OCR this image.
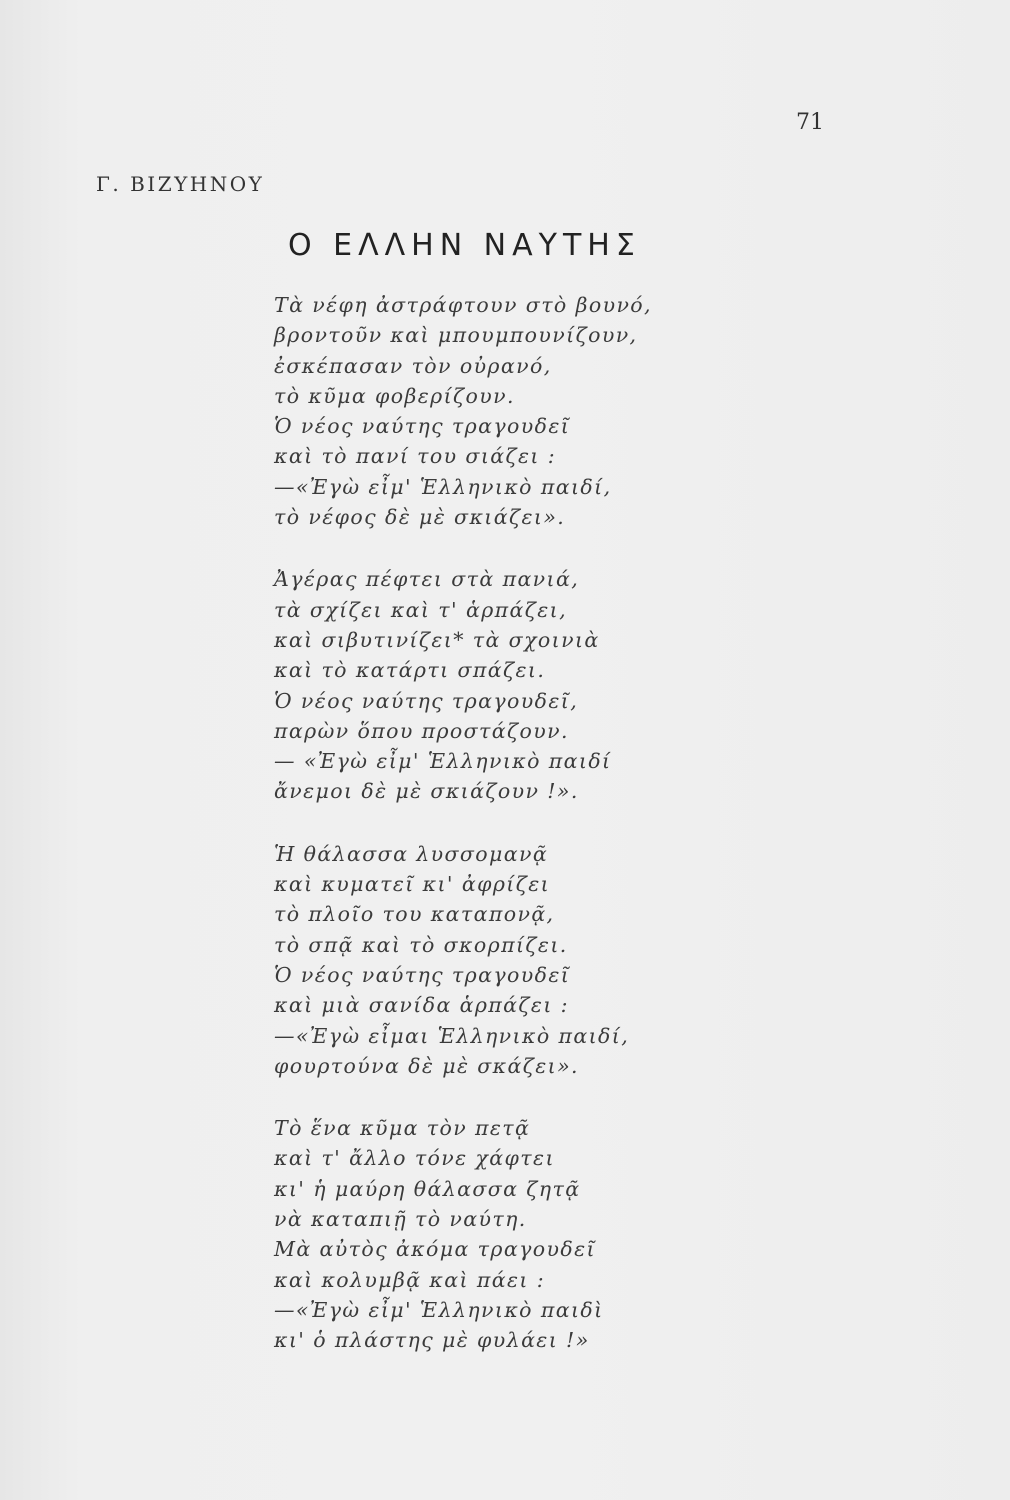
71
Γ. ΒΙΖΥΗΝΟΥ
Ο ΕΛΛΗΝ ΝΑΥΤΗΣ
Τὰ νέφη ἀστράφτουν στὸ βουνό,
βροντοῦν καὶ μπουμπουνίζουν,
ἐσκέπασαν τὸν οὐρανό,
τὸ κῦμα φοβερίζουν.
Ὁ νέος ναύτης τραγουδεῖ
καὶ τὸ πανί του σιάζει :
—«Ἐγὼ εἶμ' Ἑλληνικὸ παιδί,
τὸ νέφος δὲ μὲ σκιάζει».
Ἀγέρας πέφτει στὰ πανιά,
τὰ σχίζει καὶ τ' ἁρπάζει,
καὶ σιβυτινίζει* τὰ σχοινιὰ
καὶ τὸ κατάρτι σπάζει.
Ὁ νέος ναύτης τραγουδεῖ,
παρὼν ὅπου προστάζουν.
— «Ἐγὼ εἶμ' Ἑλληνικὸ παιδί
ἄνεμοι δὲ μὲ σκιάζουν !».
Ἡ θάλασσα λυσσομανᾷ
καὶ κυματεῖ κι' ἀφρίζει
τὸ πλοῖο του καταπονᾷ,
τὸ σπᾷ καὶ τὸ σκορπίζει.
Ὁ νέος ναύτης τραγουδεῖ
καὶ μιὰ σανίδα ἁρπάζει :
—«Ἐγὼ εἶμαι Ἑλληνικὸ παιδί,
φουρτούνα δὲ μὲ σκάζει».
Τὸ ἕνα κῦμα τὸν πετᾷ
καὶ τ' ἄλλο τόνε χάφτει
κι' ἡ μαύρη θάλασσα ζητᾷ
νὰ καταπιῇ τὸ ναύτη.
Μὰ αὐτὸς ἀκόμα τραγουδεῖ
καὶ κολυμβᾷ καὶ πάει :
—«Ἐγὼ εἶμ' Ἑλληνικὸ παιδὶ
κι' ὁ πλάστης μὲ φυλάει !»
